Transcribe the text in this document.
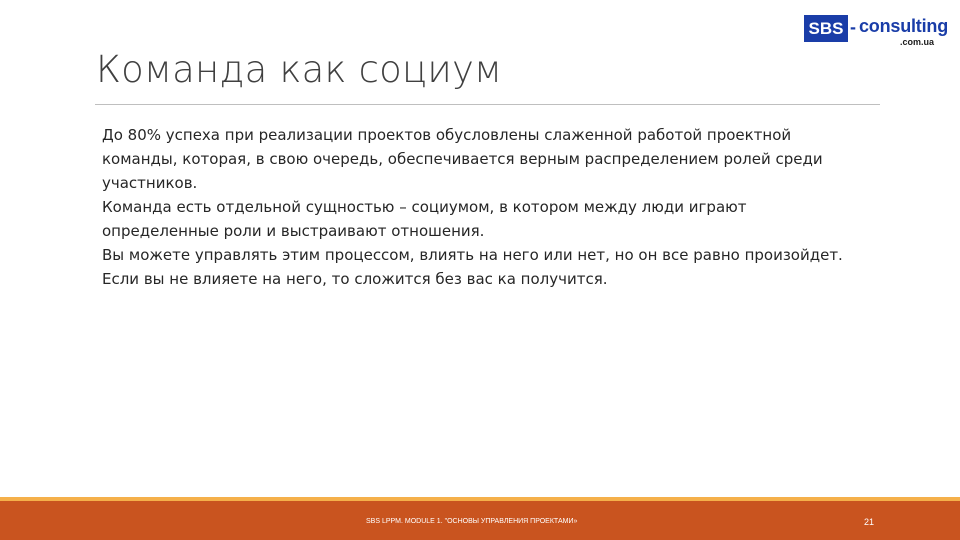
SBS - consulting
.com.ua
Команда как социум

До 80% успеха при реализации проектов обусловлены слаженной работой проектной команды, которая, в свою очередь, обеспечивается верным распределением ролей среди участников.

Команда есть отдельной сущностью – социумом, в котором между люди играют определенные роли и выстраивают отношения.

Вы можете управлять этим процессом, влиять на него или нет, но он все равно произойдет. Если вы не влияете на него, то сложится без вас ка получится.

SBS LPPM. MODULE 1. "ОСНОВЫ УПРАВЛЕНИЯ ПРОЕКТАМИ»	21
